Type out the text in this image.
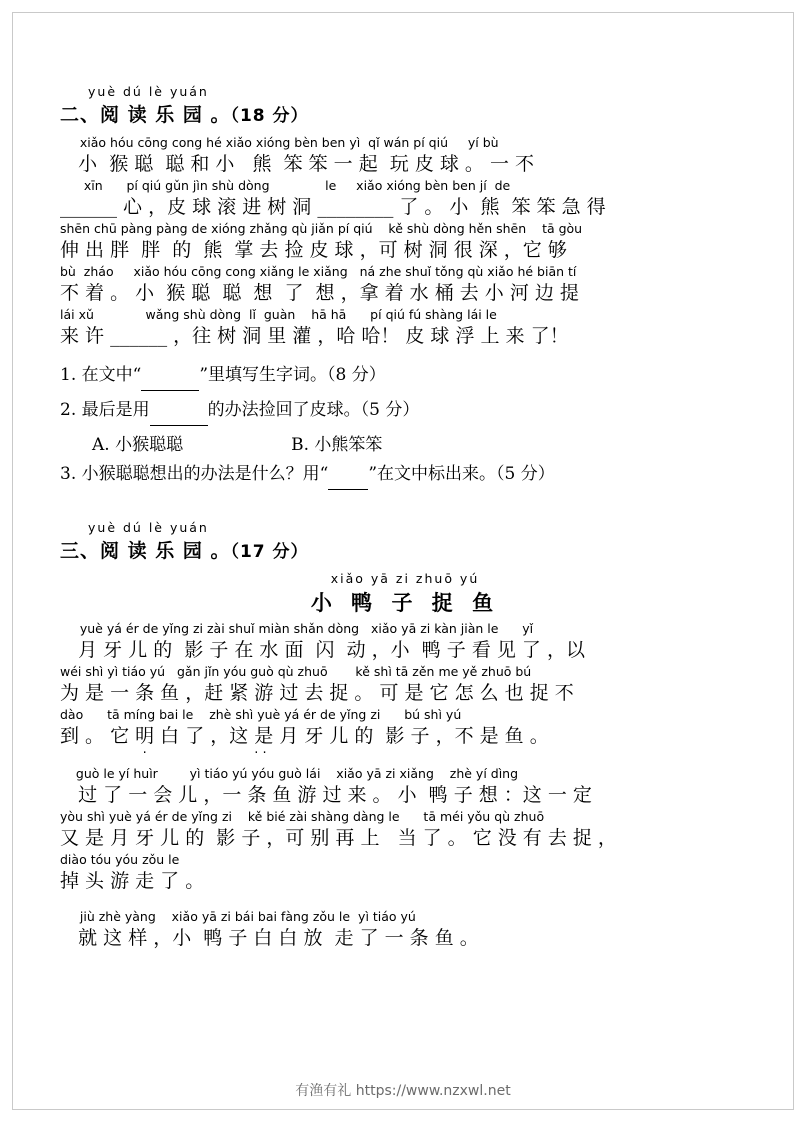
yuè dú lè yuán
二、阅 读 乐 园 。（18 分）
xiǎo hóu cōng cong hé xiǎo xióng bèn ben yì  qǐ wán pí qiú     yí bù
小  猴 聪  聪 和 小   熊  笨 笨 一 起  玩 皮 球 。 一 不
xīn      pí qiú gǔn jìn shù dòng              le     xiǎo xióng bèn ben jí  de
______ 心 ，皮 球 滚 进 树 洞 ________ 了 。 小  熊  笨 笨 急 得
shēn chū pàng pàng de xióng zhǎng qù jiǎn pí qiú    kě shù dòng hěn shēn    tā gòu
伸 出 胖  胖  的  熊  掌 去 捡 皮 球 ，可 树 洞 很 深 ，它 够
bù  zháo     xiǎo hóu cōng cong xiǎng le xiǎng   ná zhe shuǐ tǒng qù xiǎo hé biān tí
不 着 。 小  猴 聪  聪  想  了  想 ，拿 着 水 桶 去 小 河 边 提
lái xǔ             wǎng shù dòng  lǐ  guàn    hā hā      pí qiú fú shàng lái le
来 许 ______ ，往 树 洞 里 灌 ，哈 哈！ 皮 球 浮 上 来 了！
1. 在文中“	”里填写生字词。（8 分）
2. 最后是用	的办法捡回了皮球。（5 分）
A. 小猴聪聪	B. 小熊笨笨
3. 小猴聪聪想出的办法是什么？用“ ”在文中标出来。（5 分）
yuè dú lè yuán
三、阅 读 乐 园 。（17 分）
xiǎo yā zi zhuō yú
小 鸭 子 捉 鱼
yuè yá ér de yǐng zi zài shuǐ miàn shǎn dòng   xiǎo yā zi kàn jiàn le      yǐ
月 牙 儿 的  影 子 在 水 面  闪  动 ，小  鸭 子 看 见 了 ，以
wéi shì yì tiáo yú   gǎn jǐn yóu guò qù zhuō       kě shì tā zěn me yě zhuō bú
为 是 一 条 鱼 ，赶 紧 游 过 去 捉 。 可 是 它 怎 么 也 捉 不
dào      tā míng bai le    zhè shì yuè yá ér de yǐng zi      bú shì yú
到 。 它 明 白 了 ，这 是 月 牙 儿 的  影 子 ，不 是 鱼 。
·                          · ·
guò le yí huìr        yì tiáo yú yóu guò lái    xiǎo yā zi xiǎng    zhè yí dìng
过 了 一 会 儿 ，一 条 鱼 游 过 来 。 小  鸭 子 想 ：这 一 定
yòu shì yuè yá ér de yǐng zi    kě bié zài shàng dàng le      tā méi yǒu qù zhuō
又 是 月 牙 儿 的  影 子 ，可 别 再 上   当 了 。 它 没 有 去 捉 ，
diào tóu yóu zǒu le
掉 头 游 走 了 。
jiù zhè yàng    xiǎo yā zi bái bai fàng zǒu le  yì tiáo yú
就 这 样 ，小  鸭 子 白 白 放  走 了 一 条 鱼 。
有渔有礼 https://www.nzxwl.net
